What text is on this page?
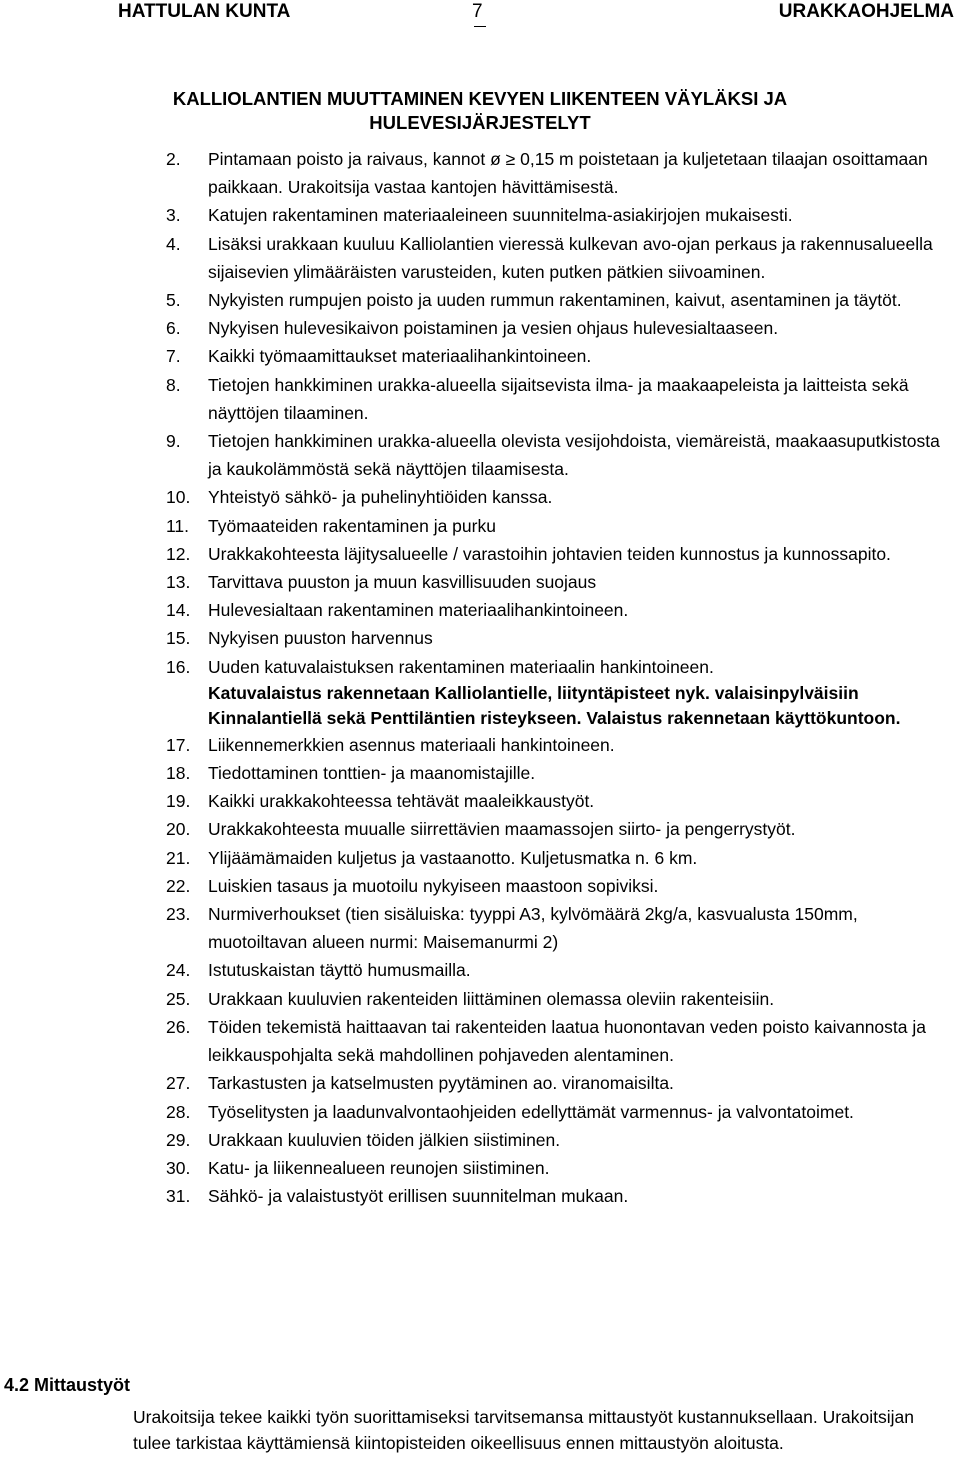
HATTULAN KUNTA	7	URAKKAOHJELMA
KALLIOLANTIEN MUUTTAMINEN KEVYEN LIIKENTEEN VÄYLÄKSI JA
HULEVESIJÄRJESTELYT
2.	Pintamaan poisto ja raivaus, kannot ø ≥ 0,15 m poistetaan ja kuljetetaan tilaajan osoittamaan paikkaan. Urakoitsija vastaa kantojen hävittämisestä.
3.	Katujen rakentaminen materiaaleineen suunnitelma-asiakirjojen mukaisesti.
4.	Lisäksi urakkaan kuuluu Kalliolantien vieressä kulkevan avo-ojan perkaus ja rakennusalueella sijaisevien ylimääräisten varusteiden, kuten putken pätkien siivoaminen.
5.	Nykyisten rumpujen poisto ja uuden rummun rakentaminen, kaivut, asentaminen ja täytöt.
6.	Nykyisen hulevesikaivon poistaminen ja vesien ohjaus hulevesialtaaseen.
7.	Kaikki työmaamittaukset materiaalihankintoineen.
8.	Tietojen hankkiminen urakka-alueella sijaitsevista ilma- ja maakaapeleista ja laitteista sekä näyttöjen tilaaminen.
9.	Tietojen hankkiminen urakka-alueella olevista vesijohdoista, viemäreistä, maakaasuputkistosta ja kaukolämmöstä sekä näyttöjen tilaamisesta.
10.	Yhteistyö sähkö- ja puhelinyhtiöiden kanssa.
11.	Työmaateiden rakentaminen ja purku
12.	Urakkakohteesta läjitysalueelle / varastoihin johtavien teiden kunnostus ja kunnossapito.
13.	Tarvittava puuston ja muun kasvillisuuden suojaus
14.	Hulevesialtaan rakentaminen materiaalihankintoineen.
15.	Nykyisen puuston harvennus
16.	Uuden katuvalaistuksen rakentaminen materiaalin hankintoineen.
Katuvalaistus rakennetaan Kalliolantielle, liityntäpisteet nyk. valaisinpylväisiin Kinnalantiellä sekä Penttiläntien risteykseen. Valaistus rakennetaan käyttökuntoon.
17.	Liikennemerkkien asennus materiaali hankintoineen.
18.	Tiedottaminen tonttien- ja maanomistajille.
19.	Kaikki urakkakohteessa tehtävät maaleikkaustyöt.
20.	Urakkakohteesta muualle siirrettävien maamassojen siirto- ja pengerrystyöt.
21.	Ylijäämämaiden kuljetus ja vastaanotto. Kuljetusmatka n. 6 km.
22.	Luiskien tasaus ja muotoilu nykyiseen maastoon sopiviksi.
23.	Nurmiverhoukset (tien sisäluiska: tyyppi A3, kylvömäärä 2kg/a, kasvualusta 150mm, muotoiltavan alueen nurmi: Maisemanurmi 2)
24.	Istutuskaistan täyttö humusmailla.
25.	Urakkaan kuuluvien rakenteiden liittäminen olemassa oleviin rakenteisiin.
26.	Töiden tekemistä haittaavan tai rakenteiden laatua huonontavan veden poisto kaivannosta ja leikkauspohjalta sekä mahdollinen pohjaveden alentaminen.
27.	Tarkastusten ja katselmusten pyytäminen ao. viranomaisilta.
28.	Työselitysten ja laadunvalvontaohjeiden edellyttämät varmennus- ja valvontatoimet.
29.	Urakkaan kuuluvien töiden jälkien siistiminen.
30.	Katu- ja liikennealueen reunojen siistiminen.
31.	Sähkö- ja valaistustyöt erillisen suunnitelman mukaan.
4.2 Mittaustyöt
Urakoitsija tekee kaikki työn suorittamiseksi tarvitsemansa mittaustyöt kustannuksellaan. Urakoitsijan tulee tarkistaa käyttämiensä kiintopisteiden oikeellisuus ennen mittaustyön aloitusta.
